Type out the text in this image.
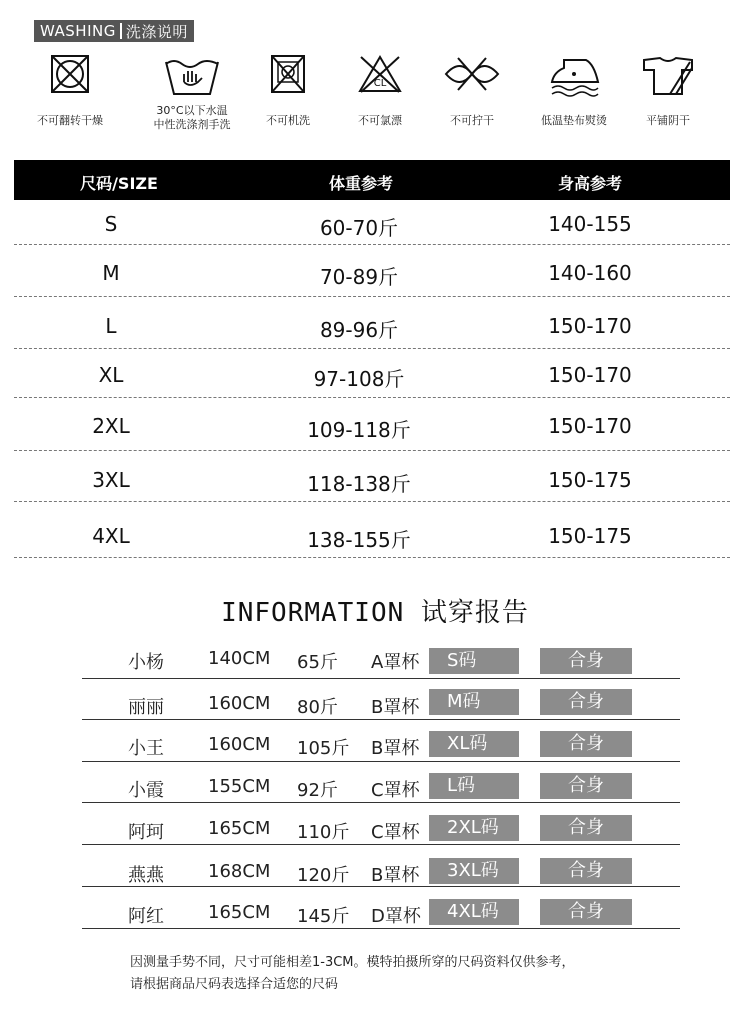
WASHING 洗涤说明
不可翻转干燥
30°C以下水温
中性洗涤剂手洗	不可机洗
CL
不可氯漂	不可拧干	低温垫布熨烫	平铺阴干
尺码/SIZE	体重参考	身高参考
S	60-70斤	140-155
M	70-89斤	140-160
L	89-96斤	150-170
XL	97-108斤	150-170
2XL	109-118斤	150-170
3XL	118-138斤	150-175
4XL	138-155斤	150-175
INFORMATION 试穿报告
小杨 140CM 65斤 A罩杯	S码	合身
丽丽 160CM 80斤 B罩杯	M码	合身
小王 160CM 105斤 B罩杯	XL码	合身
小霞 155CM 92斤 C罩杯	L码	合身
阿珂 165CM 110斤 C罩杯	2XL码	合身
燕燕 168CM 120斤 B罩杯	3XL码	合身
阿红 165CM 145斤 D罩杯	4XL码	合身
因测量手势不同，尺寸可能相差1-3CM。模特拍摄所穿的尺码资料仅供参考，
请根据商品尺码表选择合适您的尺码
